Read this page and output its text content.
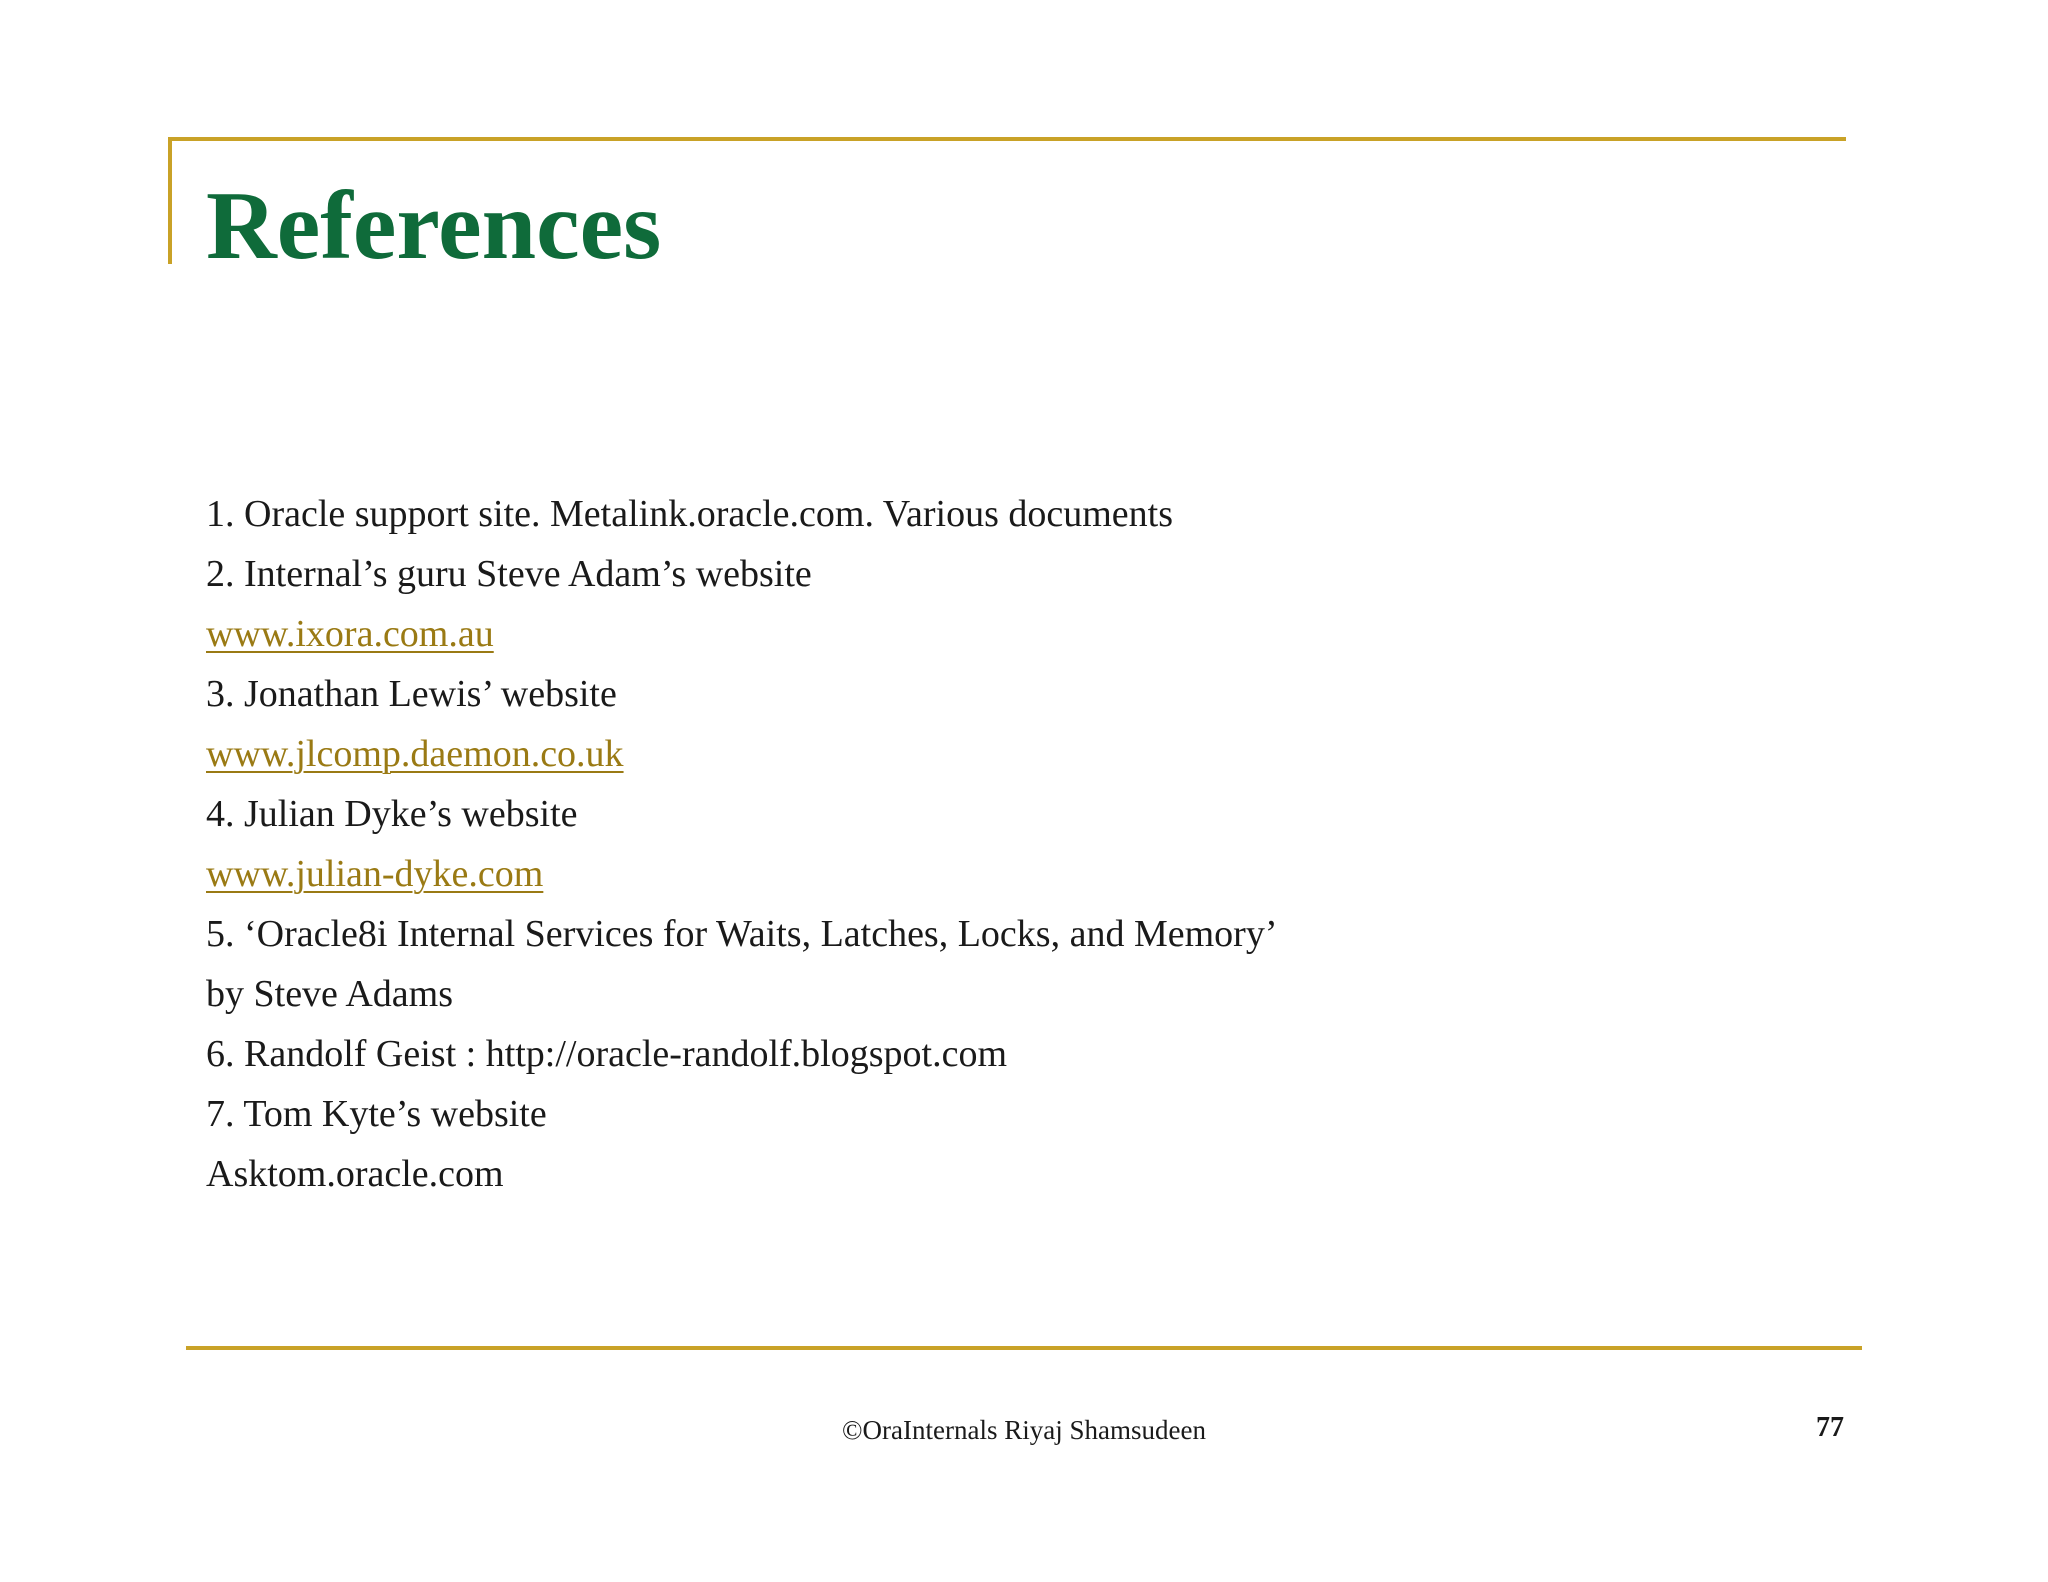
References
1. Oracle support site. Metalink.oracle.com. Various documents
2. Internal’s guru Steve Adam’s website
www.ixora.com.au
3. Jonathan Lewis’ website
www.jlcomp.daemon.co.uk
4. Julian Dyke’s website
www.julian-dyke.com
5. ‘Oracle8i Internal Services for Waits, Latches, Locks, and Memory’
by Steve Adams
6. Randolf Geist : http://oracle-randolf.blogspot.com
7. Tom Kyte’s website
Asktom.oracle.com
©OraInternals Riyaj Shamsudeen	77
